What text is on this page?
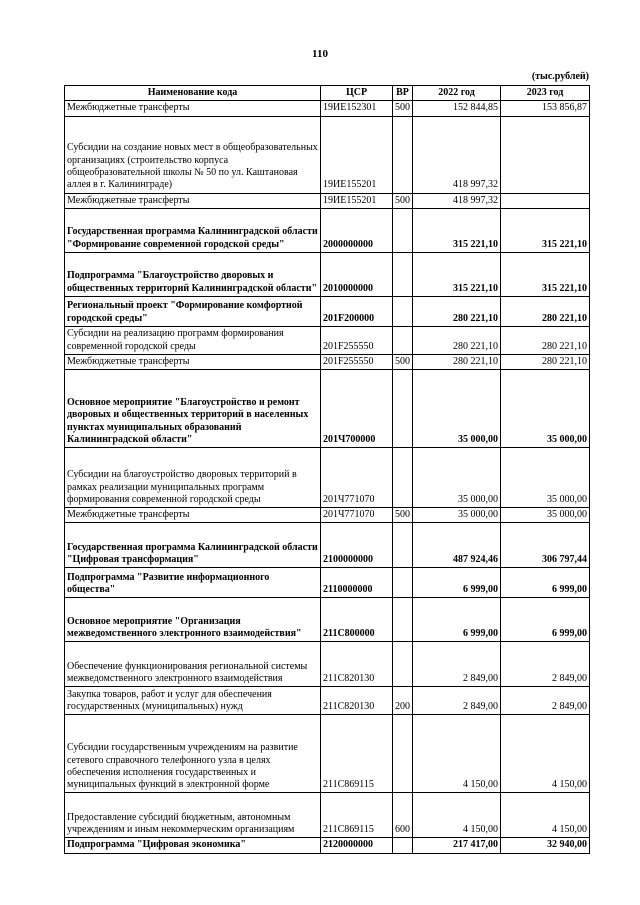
110
(тыс.рублей)
Наименование кода	ЦСР	ВР	2022 год	2023 год
Межбюджетные трансферты	19ИЕ152301	500	152 844,85	153 856,87
Субсидии на создание новых мест в общеобразовательных организациях (строительство корпуса общеобразовательной школы № 50 по ул. Каштановая аллея в г. Калининграде)	19ИЕ155201		418 997,32	
Межбюджетные трансферты	19ИЕ155201	500	418 997,32	
Государственная программа Калининградской области "Формирование современной городской среды"	2000000000		315 221,10	315 221,10
Подпрограмма "Благоустройство дворовых и общественных территорий Калининградской области"	2010000000		315 221,10	315 221,10
Региональный проект "Формирование комфортной городской среды"	201F200000		280 221,10	280 221,10
Субсидии на реализацию программ формирования современной городской среды	201F255550		280 221,10	280 221,10
Межбюджетные трансферты	201F255550	500	280 221,10	280 221,10
Основное мероприятие "Благоустройство и ремонт дворовых и общественных территорий в населенных пунктах муниципальных образований Калининградской области"	201Ч700000		35 000,00	35 000,00
Субсидии на благоустройство дворовых территорий в рамках реализации муниципальных программ формирования современной городской среды	201Ч771070		35 000,00	35 000,00
Межбюджетные трансферты	201Ч771070	500	35 000,00	35 000,00
Государственная программа Калининградской области "Цифровая трансформация"	2100000000		487 924,46	306 797,44
Подпрограмма "Развитие информационного общества"	2110000000		6 999,00	6 999,00
Основное мероприятие "Организация межведомственного электронного взаимодействия"	211С800000		6 999,00	6 999,00
Обеспечение функционирования региональной системы межведомственного электронного взаимодействия	211С820130		2 849,00	2 849,00
Закупка товаров, работ и услуг для обеспечения государственных (муниципальных) нужд	211С820130	200	2 849,00	2 849,00
Субсидии государственным учреждениям на развитие сетевого справочного телефонного узла в целях обеспечения исполнения государственных и муниципальных функций в электронной форме	211С869115		4 150,00	4 150,00
Предоставление субсидий бюджетным, автономным учреждениям и иным некоммерческим организациям	211С869115	600	4 150,00	4 150,00
Подпрограмма "Цифровая экономика"	2120000000		217 417,00	32 940,00
